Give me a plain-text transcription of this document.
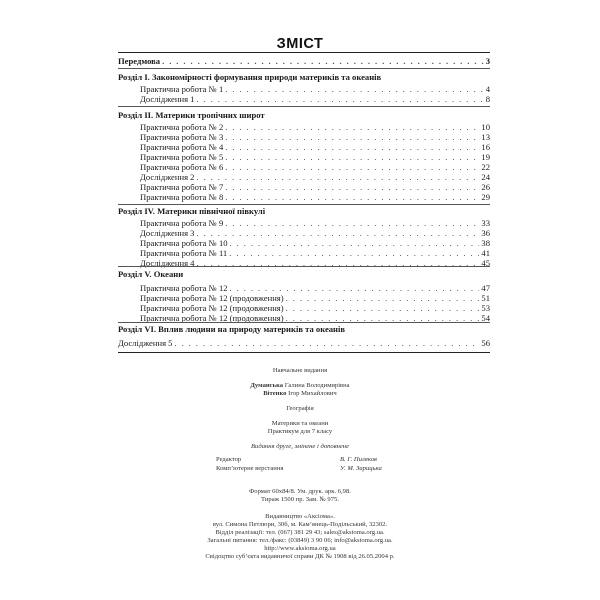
ЗМІСТ
Передмова . . .	3
Розділ І. Закономірності формування природи материків та океанів
Практична робота № 1 . . .	4
Дослідження 1 . . .	8
Розділ ІІ. Материки тропічних широт
Практична робота № 2 . . .	10
Практична робота № 3 . . .	13
Практична робота № 4 . . .	16
Практична робота № 5 . . .	19
Практична робота № 6 . . .	22
Дослідження 2 . . .	24
Практична робота № 7 . . .	26
Практична робота № 8 . . .	29
Розділ IV. Материки північної півкулі
Практична робота № 9 . . .	33
Дослідження 3 . . .	36
Практична робота № 10 . . .	38
Практична робота № 11 . . .	41
Дослідження 4 . . .	45
Розділ V. Океани
Практична робота № 12 . . .	47
Практична робота № 12 (продовження) . . .	51
Практична робота № 12 (продовження) . . .	53
Практична робота № 12 (продовження) . . .	54
Розділ VI. Вплив людини на природу материків та океанів
Дослідження 5 . . .	56
Навчальне видання
Думанська Галина Володимирівна
Вітенко Ігор Михайлович
Географія
Материки та океани
Практикум для 7 класу
Видання друге, змінене і доповнене
Редактор	В. Г. Пиляков
Комп’ютерне верстання	У. М. Зарицька
Формат 60х84/8. Ум. друк. арк. 6,98.
Тираж 1500 пр. Зам. № 975.
Видавництво «Аксіома».
вул. Симона Петлюри, 30б, м. Кам’янець-Подільський, 32302.
Відділ реалізації: тел. (067) 381 29 43; sales@aksioma.org.ua.
Загальні питання: тел./факс: (03849) 3 90 06; info@aksioma.org.ua.
http://www.aksioma.org.ua
Свідоцтво суб’єкта видавничої справи ДК № 1908 від 26.05.2004 р.
